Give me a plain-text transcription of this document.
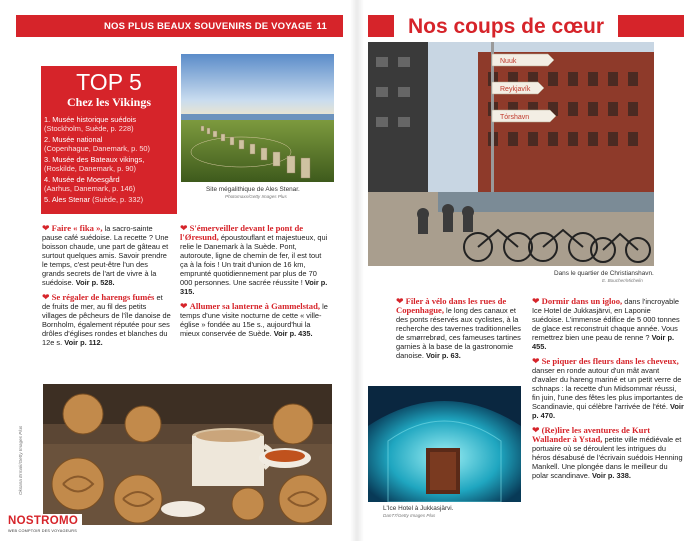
NOS PLUS BEAUX SOUVENIRS DE VOYAGE 11
TOP 5
Chez les Vikings
1. Musée historique suédois
(Stockholm, Suède, p. 228)
2. Musée national
(Copenhague, Danemark, p. 50)
3. Musée des Bateaux vikings,
(Roskilde, Danemark, p. 90)
4. Musée de Moesgård
(Aarhus, Danemark, p. 146)
5. Ales Stenar (Suède, p. 332)
Site mégalithique de Ales Stenar.
Photomaxx/Getty Images Plus

❤ Faire « fika », la sacro-sainte pause café suédoise. La recette ? Une boisson chaude, une part de gâteau et surtout quelques amis. Savoir prendre le temps, c'est peut-être l'un des grands secrets de l'art de vivre à la suédoise. Voir p. 528.

❤ Se régaler de harengs fumés et de fruits de mer, au fil des petits villages de pêcheurs de l'île danoise de Bornholm, également réputée pour ses drôles d'églises rondes et blanches du 12e s. Voir p. 112.

❤ S'émerveiller devant le pont de l'Øresund, époustouflant et majestueux, qui relie le Danemark à la Suède. Pont, autoroute, ligne de chemin de fer, il est tout ça à la fois ! Un trait d'union de 16 km, emprunté quotidiennement par plus de 70 000 personnes. Une sacrée réussite ! Voir p. 315.

❤ Allumer sa lanterne à Gammelstad, le temps d'une visite nocturne de cette « ville-église » fondée au 15e s., aujourd'hui la mieux conservée de Suède. Voir p. 435.

Oksana Ermak/Getty Images Plus
NOSTROMO
WEB COMPTOIR DES VOYAGEURS
Nos coups de cœur
Nuuk
Reykjavík
Tórshavn
Dans le quartier de Christianshavn.
E. Boucher/Michelin

❤ Filer à vélo dans les rues de Copenhague, le long des canaux et des ponts réservés aux cyclistes, à la recherche des tavernes traditionnelles de smørrebrød, ces fameuses tartines garnies à la base de la gastronomie danoise. Voir p. 63.

L'Ice Hotel à Jukkasjärvi.
Dan77/Getty Images Plus

❤ Dormir dans un igloo, dans l'incroyable Ice Hotel de Jukkasjärvi, en Laponie suédoise. L'immense édifice de 5 000 tonnes de glace est reconstruit chaque année. Vous remettrez bien une peau de renne ? Voir p. 455.

❤ Se piquer des fleurs dans les cheveux, danser en ronde autour d'un mât avant d'avaler du hareng mariné et un petit verre de schnaps : la recette d'un Midsommar réussi, fin juin, l'une des fêtes les plus importantes de Scandinavie, qui célèbre l'arrivée de l'été. Voir p. 470.

❤ (Re)lire les aventures de Kurt Wallander à Ystad, petite ville médiévale et portuaire où se déroulent les intrigues du héros désabusé de l'écrivain suédois Henning Mankell. Une plongée dans le meilleur du polar scandinave. Voir p. 338.
